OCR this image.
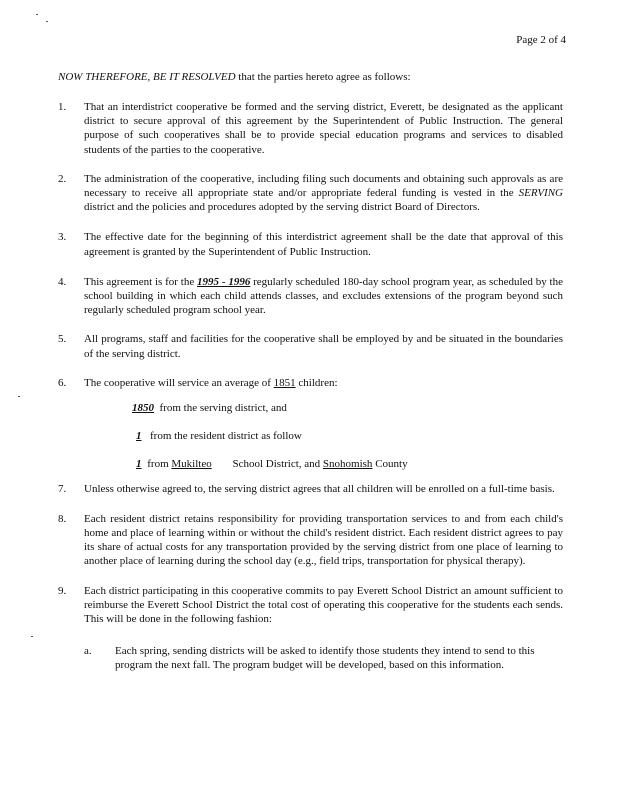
Page 2 of 4
NOW THEREFORE, BE IT RESOLVED that the parties hereto agree as follows:
1. That an interdistrict cooperative be formed and the serving district, Everett, be designated as the applicant district to secure approval of this agreement by the Superintendent of Public Instruction. The general purpose of such cooperatives shall be to provide special education programs and services to disabled students of the parties to the cooperative.
2. The administration of the cooperative, including filing such documents and obtaining such approvals as are necessary to receive all appropriate state and/or appropriate federal funding is vested in the SERVING district and the policies and procedures adopted by the serving district Board of Directors.
3. The effective date for the beginning of this interdistrict agreement shall be the date that approval of this agreement is granted by the Superintendent of Public Instruction.
4. This agreement is for the 1995 - 1996 regularly scheduled 180-day school program year, as scheduled by the school building in which each child attends classes, and excludes extensions of the program beyond such regularly scheduled program school year.
5. All programs, staff and facilities for the cooperative shall be employed by and be situated in the boundaries of the serving district.
6. The cooperative will service an average of 1851 children:
1850  from the serving district, and
1  from the resident district as follow
1 from Mukilteo School District, and Snohomish County
7. Unless otherwise agreed to, the serving district agrees that all children will be enrolled on a full-time basis.
8. Each resident district retains responsibility for providing transportation services to and from each child's home and place of learning within or without the child's resident district. Each resident district agrees to pay its share of actual costs for any transportation provided by the serving district from one place of learning to another place of learning during the school day (e.g., field trips, transportation for physical therapy).
9. Each district participating in this cooperative commits to pay Everett School District an amount sufficient to reimburse the Everett School District the total cost of operating this cooperative for the students each sends. This will be done in the following fashion:
a. Each spring, sending districts will be asked to identify those students they intend to send to this program the next fall. The program budget will be developed, based on this information.
